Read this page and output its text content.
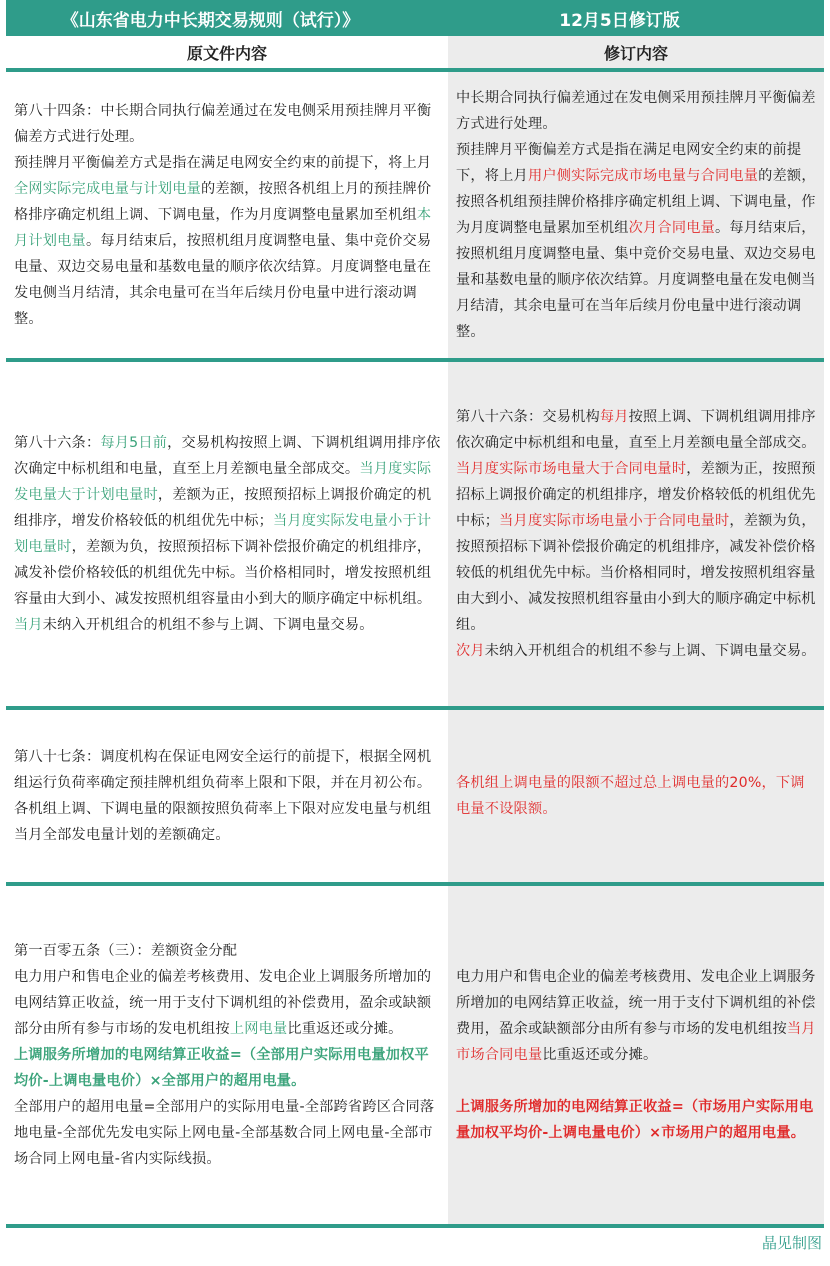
《山东省电力中长期交易规则（试行）》	12月5日修订版
原文件内容	修订内容

第八十四条：中长期合同执行偏差通过在发电侧采用预挂牌月平衡偏差方式进行处理。

预挂牌月平衡偏差方式是指在满足电网安全约束的前提下，将上月全网实际完成电量与计划电量的差额，按照各机组上月的预挂牌价格排序确定机组上调、下调电量，作为月度调整电量累加至机组本月计划电量。每月结束后，按照机组月度调整电量、集中竞价交易电量、双边交易电量和基数电量的顺序依次结算。月度调整电量在发电侧当月结清，其余电量可在当年后续月份电量中进行滚动调整。

中长期合同执行偏差通过在发电侧采用预挂牌月平衡偏差方式进行处理。

预挂牌月平衡偏差方式是指在满足电网安全约束的前提下，将上月用户侧实际完成市场电量与合同电量的差额，按照各机组预挂牌价格排序确定机组上调、下调电量，作为月度调整电量累加至机组次月合同电量。每月结束后，按照机组月度调整电量、集中竞价交易电量、双边交易电量和基数电量的顺序依次结算。月度调整电量在发电侧当月结清，其余电量可在当年后续月份电量中进行滚动调整。

第八十六条：每月5日前，交易机构按照上调、下调机组调用排序依次确定中标机组和电量，直至上月差额电量全部成交。当月度实际发电量大于计划电量时，差额为正，按照预招标上调报价确定的机组排序，增发价格较低的机组优先中标；当月度实际发电量小于计划电量时，差额为负，按照预招标下调补偿报价确定的机组排序，减发补偿价格较低的机组优先中标。当价格相同时，增发按照机组容量由大到小、减发按照机组容量由小到大的顺序确定中标机组。

当月未纳入开机组合的机组不参与上调、下调电量交易。

第八十六条：交易机构每月按照上调、下调机组调用排序依次确定中标机组和电量，直至上月差额电量全部成交。

当月度实际市场电量大于合同电量时，差额为正，按照预招标上调报价确定的机组排序，增发价格较低的机组优先中标；当月度实际市场电量小于合同电量时，差额为负，按照预招标下调补偿报价确定的机组排序，减发补偿价格较低的机组优先中标。当价格相同时，增发按照机组容量由大到小、减发按照机组容量由小到大的顺序确定中标机组。

次月未纳入开机组合的机组不参与上调、下调电量交易。

第八十七条：调度机构在保证电网安全运行的前提下，根据全网机组运行负荷率确定预挂牌机组负荷率上限和下限，并在月初公布。各机组上调、下调电量的限额按照负荷率上下限对应发电量与机组当月全部发电量计划的差额确定。

各机组上调电量的限额不超过总上调电量的20%，下调电量不设限额。

第一百零五条（三）：差额资金分配

电力用户和售电企业的偏差考核费用、发电企业上调服务所增加的电网结算正收益，统一用于支付下调机组的补偿费用，盈余或缺额部分由所有参与市场的发电机组按上网电量比重返还或分摊。

上调服务所增加的电网结算正收益=（全部用户实际用电量加权平均价-上调电量电价）×全部用户的超用电量。

全部用户的超用电量=全部用户的实际用电量-全部跨省跨区合同落地电量-全部优先发电实际上网电量-全部基数合同上网电量-全部市场合同上网电量-省内实际线损。

电力用户和售电企业的偏差考核费用、发电企业上调服务所增加的电网结算正收益，统一用于支付下调机组的补偿费用，盈余或缺额部分由所有参与市场的发电机组按当月市场合同电量比重返还或分摊。

上调服务所增加的电网结算正收益=（市场用户实际用电量加权平均价-上调电量电价）×市场用户的超用电量。

晶见制图
